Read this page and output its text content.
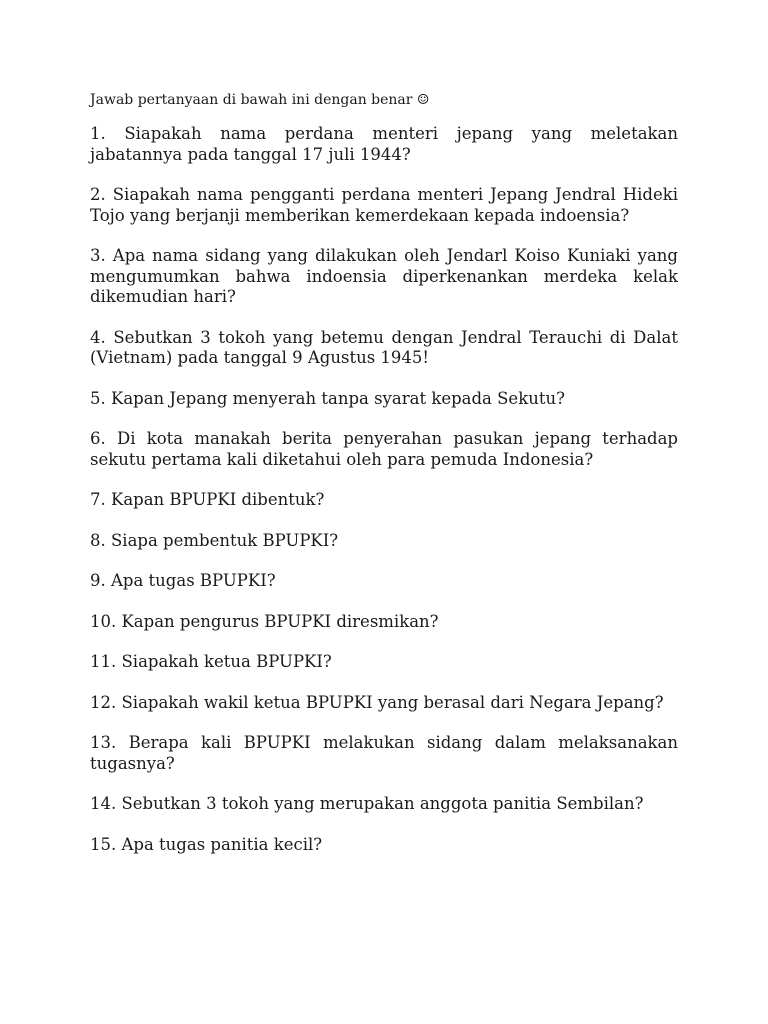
Jawab pertanyaan di bawah ini dengan benar ☺

1. Siapakah nama perdana menteri jepang yang meletakan jabatannya pada tanggal 17 juli 1944?

2. Siapakah nama pengganti perdana menteri Jepang Jendral Hideki Tojo yang berjanji memberikan kemerdekaan kepada indoensia?

3. Apa nama sidang yang dilakukan oleh Jendarl Koiso Kuniaki yang mengumumkan bahwa indoensia diperkenankan merdeka kelak dikemudian hari?

4. Sebutkan 3 tokoh yang betemu dengan Jendral Terauchi di Dalat (Vietnam) pada tanggal 9 Agustus 1945!

5. Kapan Jepang menyerah tanpa syarat kepada Sekutu?

6. Di kota manakah berita penyerahan pasukan jepang terhadap sekutu pertama kali diketahui oleh para pemuda Indonesia?

7. Kapan BPUPKI dibentuk?

8. Siapa pembentuk BPUPKI?

9. Apa tugas BPUPKI?

10. Kapan pengurus BPUPKI diresmikan?

11. Siapakah ketua BPUPKI?

12. Siapakah wakil ketua BPUPKI yang berasal dari Negara Jepang?

13. Berapa kali BPUPKI melakukan sidang dalam melaksanakan tugasnya?

14. Sebutkan 3 tokoh yang merupakan anggota panitia Sembilan?

15. Apa tugas panitia kecil?
